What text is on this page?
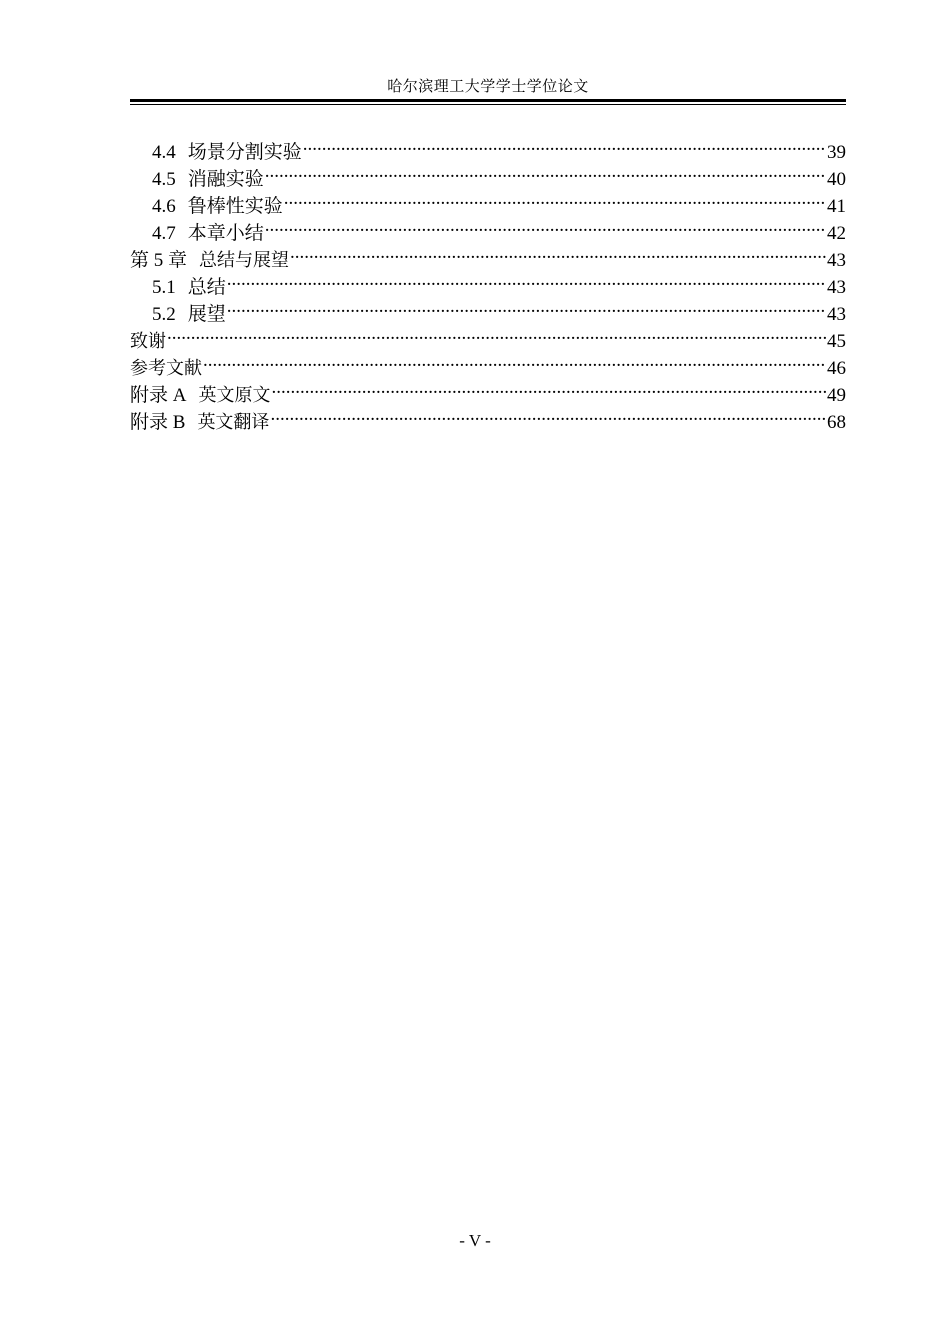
哈尔滨理工大学学士学位论文
4.4 场景分割实验 .....	39
4.5 消融实验 .....	40
4.6 鲁棒性实验 .....	41
4.7 本章小结 .....	42
第 5 章 总结与展望 .....	43
5.1 总结 .....	43
5.2 展望 .....	43
致谢 .....	45
参考文献 .....	46
附录 A 英文原文 .....	49
附录 B 英文翻译 .....	68
- V -
